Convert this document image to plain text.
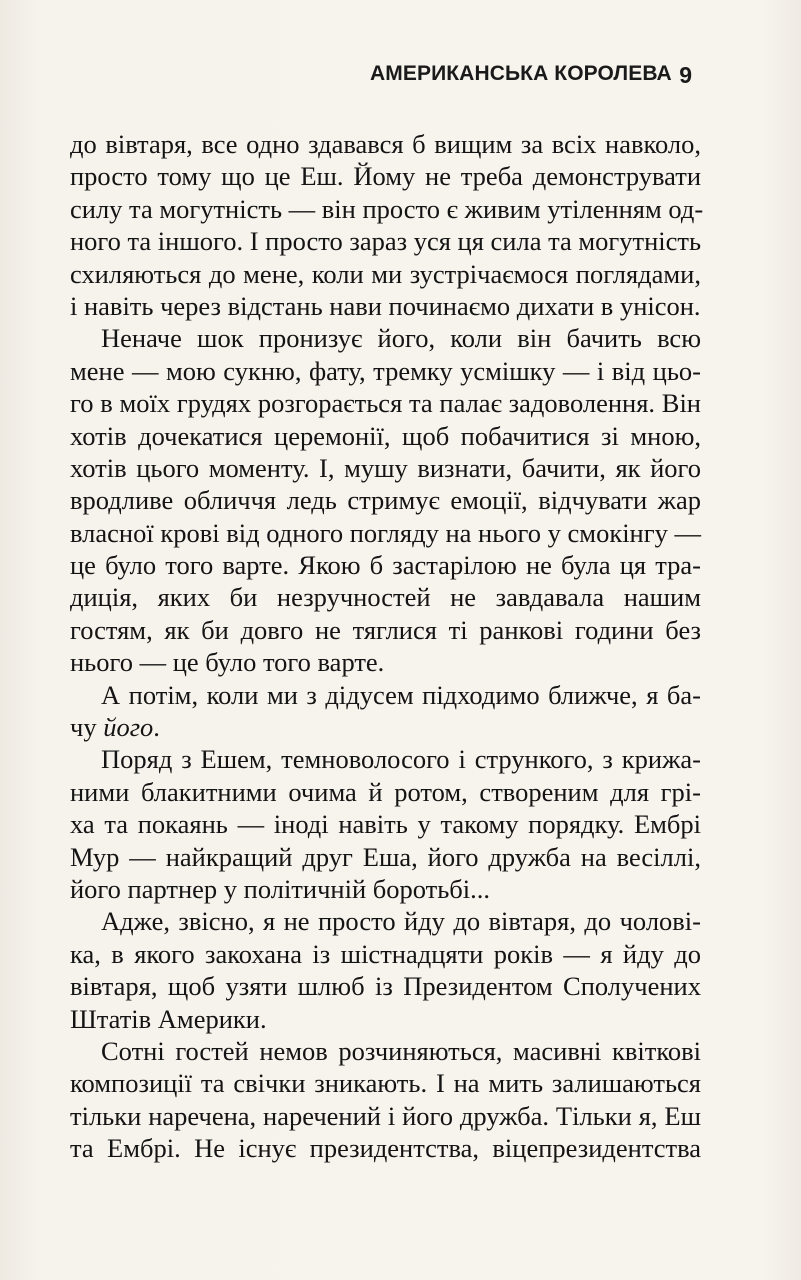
АМЕРИКАНСЬКА КОРОЛЕВА 9
до вівтаря, все одно здавався б вищим за всіх навколо,
просто тому що це Еш. Йому не треба демонструвати
силу та могутність — він просто є живим утіленням од-
ного та іншого. І просто зараз уся ця сила та могутність
схиляються до мене, коли ми зустрічаємося поглядами,
і навіть через відстань нави починаємо дихати в унісон.
Неначе шок пронизує його, коли він бачить всю
мене — мою сукню, фату, тремку усмішку — і від цьо-
го в моїх грудях розгорається та палає задоволення. Він
хотів дочекатися церемонії, щоб побачитися зі мною,
хотів цього моменту. І, мушу визнати, бачити, як його
вродливе обличчя ледь стримує емоції, відчувати жар
власної крові від одного погляду на нього у смокінгу —
це було того варте. Якою б застарілою не була ця тра-
диція, яких би незручностей не завдавала нашим
гостям, як би довго не тяглися ті ранкові години без
нього — це було того варте.
А потім, коли ми з дідусем підходимо ближче, я ба-
чу його.
Поряд з Ешем, темноволосого і стрункого, з крижа-
ними блакитними очима й ротом, створеним для грі-
ха та покаянь — іноді навіть у такому порядку. Ембрі
Мур — найкращий друг Еша, його дружба на весіллі,
його партнер у політичній боротьбі...
Адже, звісно, я не просто йду до вівтаря, до чолові-
ка, в якого закохана із шістнадцяти років — я йду до
вівтаря, щоб узяти шлюб із Президентом Сполучених
Штатів Америки.
Сотні гостей немов розчиняються, масивні квіткові
композиції та свічки зникають. І на мить залишаються
тільки наречена, наречений і його дружба. Тільки я, Еш
та Ембрі. Не існує президентства, віцепрезидентства
